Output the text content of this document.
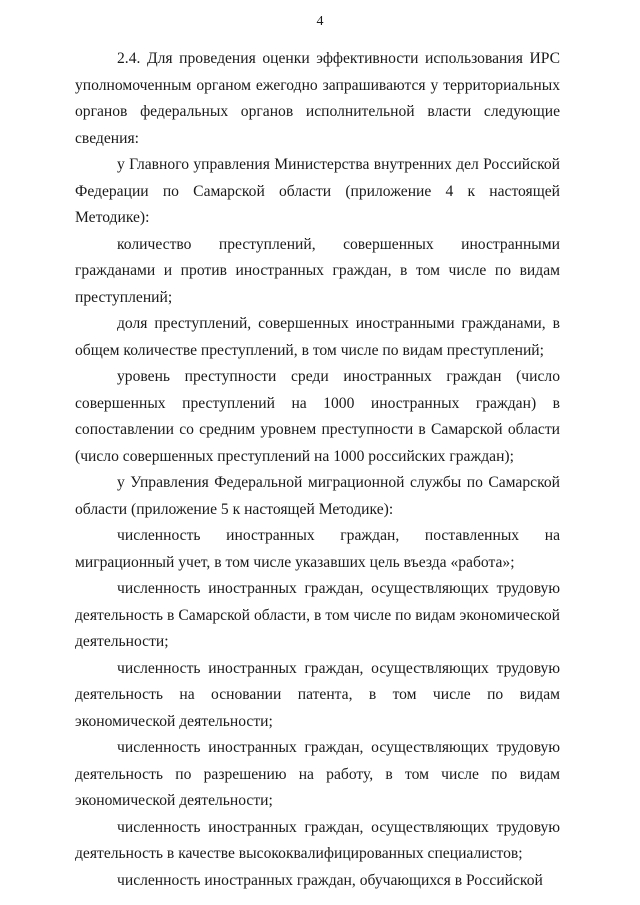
4

2.4. Для проведения оценки эффективности использования ИРС уполномоченным органом ежегодно запрашиваются у территориальных органов федеральных органов исполнительной власти следующие сведения:

у Главного управления Министерства внутренних дел Российской Федерации по Самарской области (приложение 4 к настоящей Методике):

количество преступлений, совершенных иностранными гражданами и против иностранных граждан, в том числе по видам преступлений;

доля преступлений, совершенных иностранными гражданами, в общем количестве преступлений, в том числе по видам преступлений;

уровень преступности среди иностранных граждан (число совершенных преступлений на 1000 иностранных граждан) в сопоставлении со средним уровнем преступности в Самарской области (число совершенных преступлений на 1000 российских граждан);

у Управления Федеральной миграционной службы по Самарской области (приложение 5 к настоящей Методике):

численность иностранных граждан, поставленных на миграционный учет, в том числе указавших цель въезда «работа»;

численность иностранных граждан, осуществляющих трудовую деятельность в Самарской области, в том числе по видам экономической деятельности;

численность иностранных граждан, осуществляющих трудовую деятельность на основании патента, в том числе по видам экономической деятельности;

численность иностранных граждан, осуществляющих трудовую деятельность по разрешению на работу, в том числе по видам экономической деятельности;

численность иностранных граждан, осуществляющих трудовую деятельность в качестве высококвалифицированных специалистов;

численность иностранных граждан, обучающихся в Российской
